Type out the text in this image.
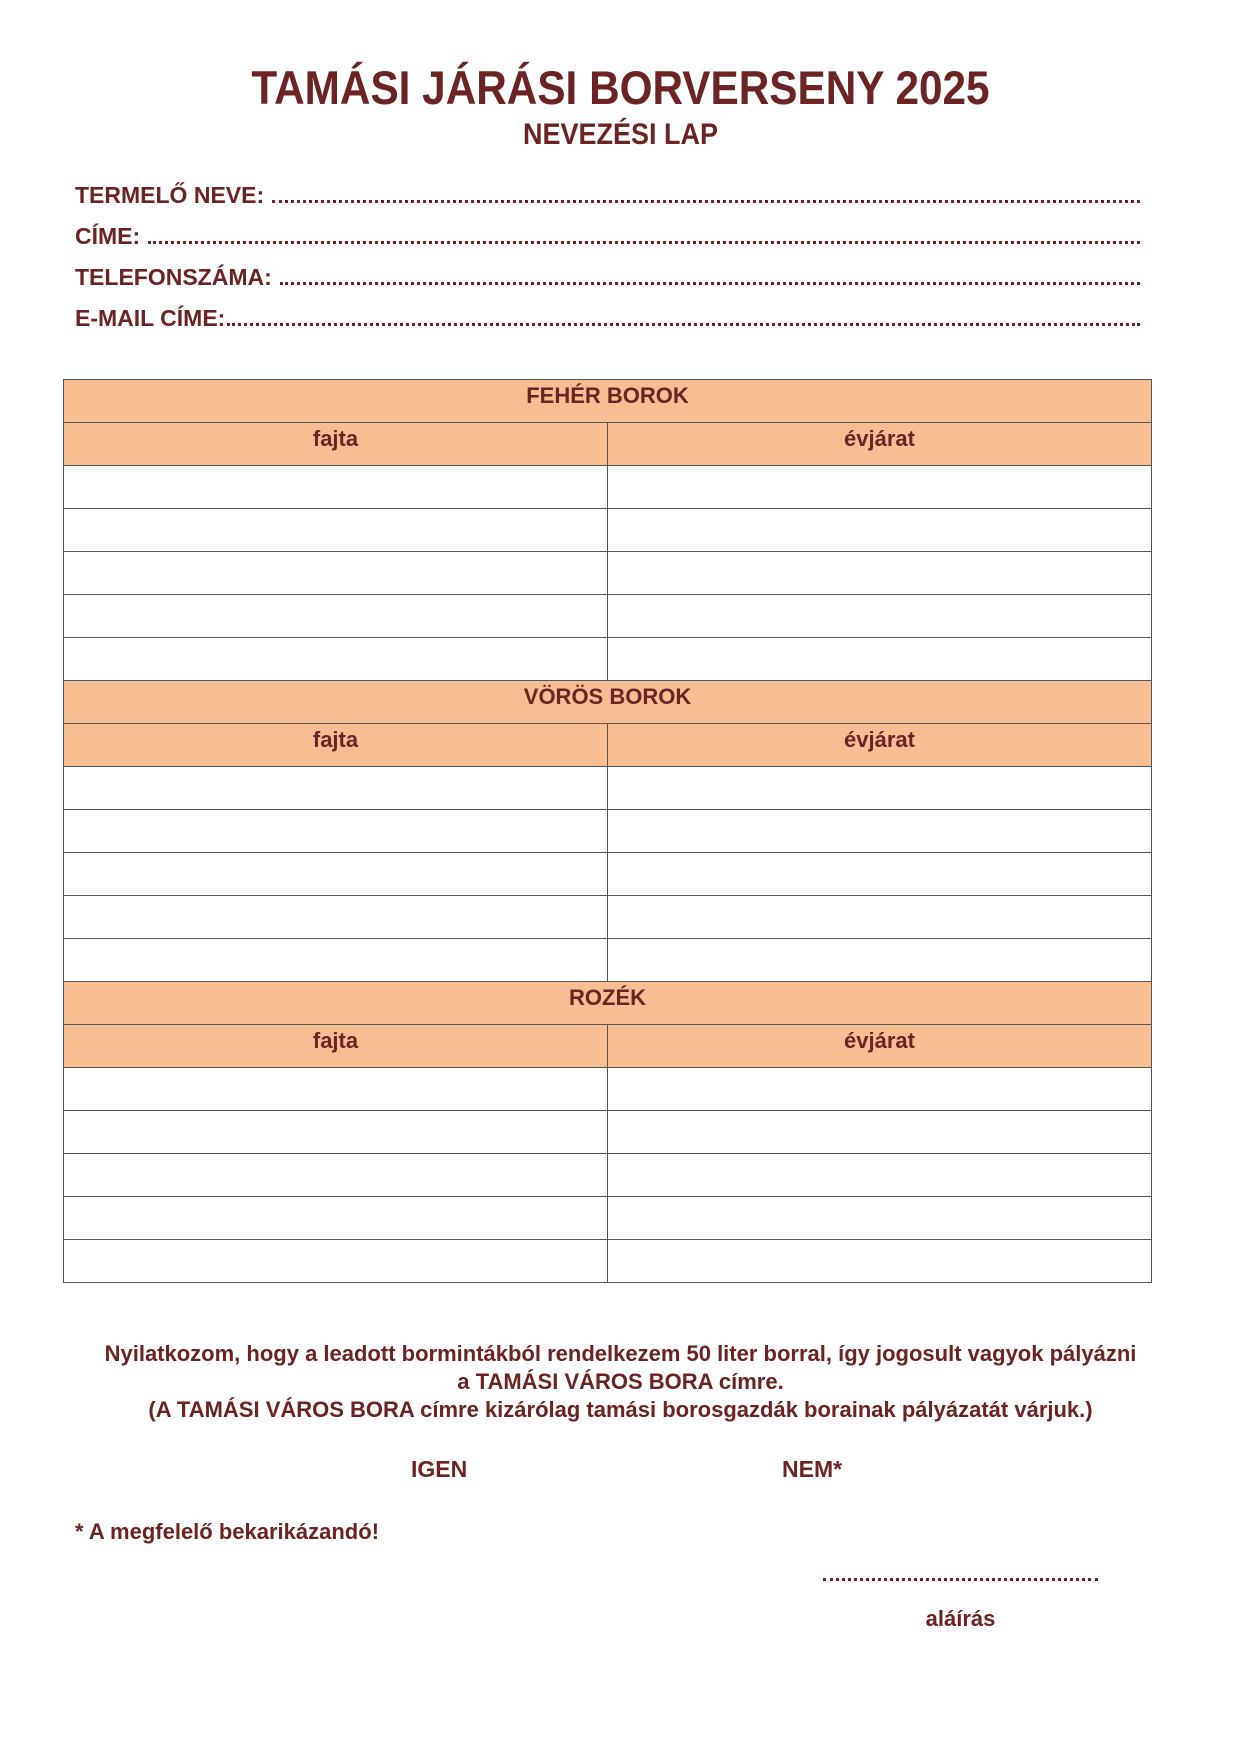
TAMÁSI JÁRÁSI BORVERSENY 2025
NEVEZÉSI LAP
TERMELŐ NEVE:
CÍME:
TELEFONSZÁMA:
E-MAIL CÍME:
FEHÉR BOROK	
fajta	évjárat

VÖRÖS BOROK	
fajta	évjárat

ROZÉK	
fajta	évjárat

Nyilatkozom, hogy a leadott bormintákból rendelkezem 50 liter borral, így jogosult vagyok pályázni
a TAMÁSI VÁROS BORA címre.
(A TAMÁSI VÁROS BORA címre kizárólag tamási borosgazdák borainak pályázatát várjuk.)
IGEN	NEM*
* A megfelelő bekarikázandó!
aláírás
